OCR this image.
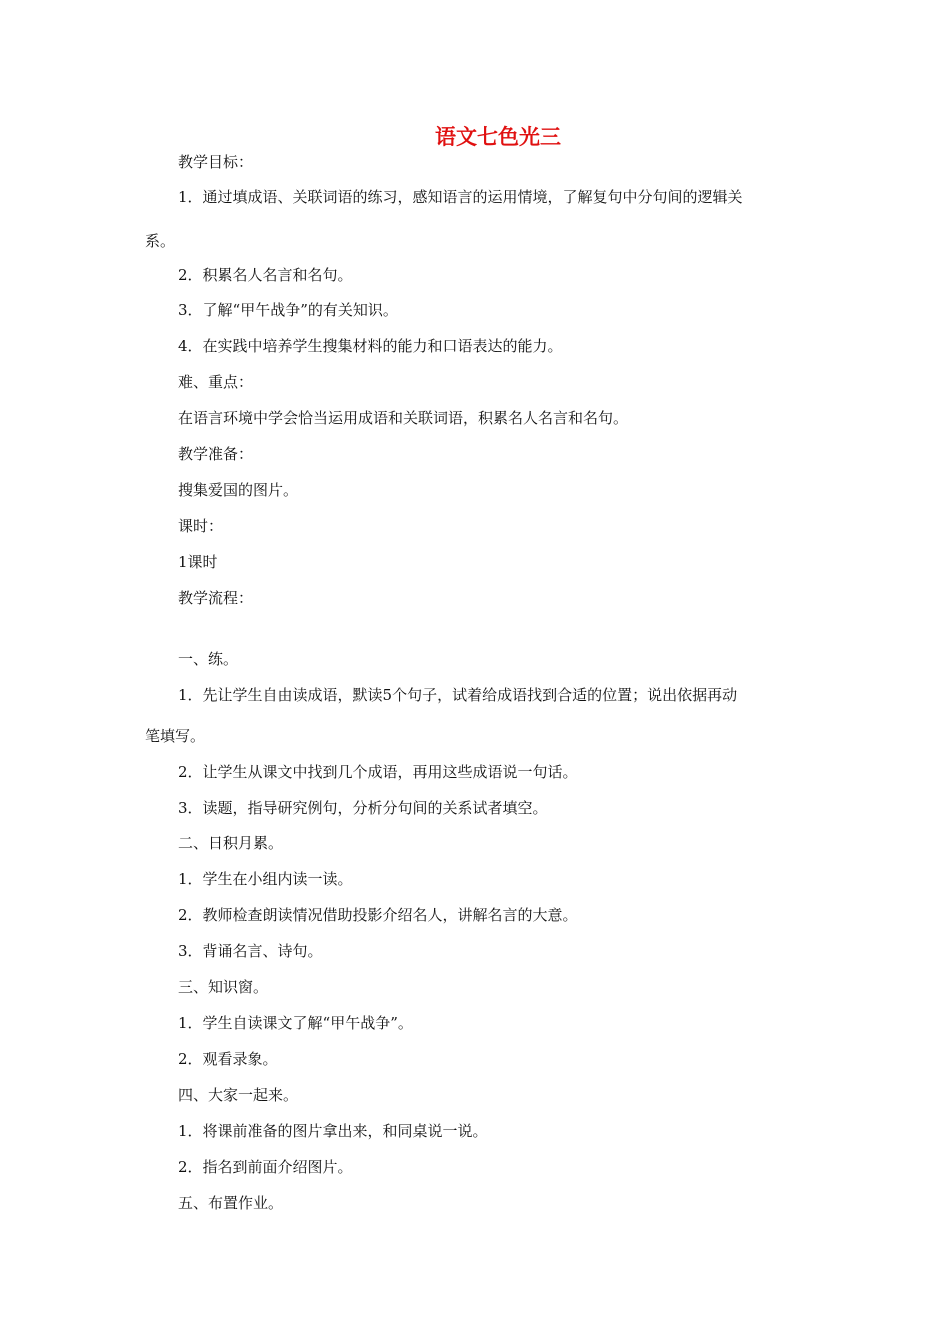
语文七色光三
教学目标：
1．通过填成语、关联词语的练习，感知语言的运用情境，了解复句中分句间的逻辑关
系。
2．积累名人名言和名句。
3．了解“甲午战争”的有关知识。
4．在实践中培养学生搜集材料的能力和口语表达的能力。
难、重点：
在语言环境中学会恰当运用成语和关联词语，积累名人名言和名句。
教学准备：
搜集爱国的图片。
课时：
1课时
教学流程：
一、练。
1．先让学生自由读成语，默读5个句子，试着给成语找到合适的位置；说出依据再动
笔填写。
2．让学生从课文中找到几个成语，再用这些成语说一句话。
3．读题，指导研究例句，分析分句间的关系试者填空。
二、日积月累。
1．学生在小组内读一读。
2．教师检查朗读情况借助投影介绍名人，讲解名言的大意。
3．背诵名言、诗句。
三、知识窗。
1．学生自读课文了解“甲午战争”。
2．观看录象。
四、大家一起来。
1．将课前准备的图片拿出来，和同桌说一说。
2．指名到前面介绍图片。
五、布置作业。
